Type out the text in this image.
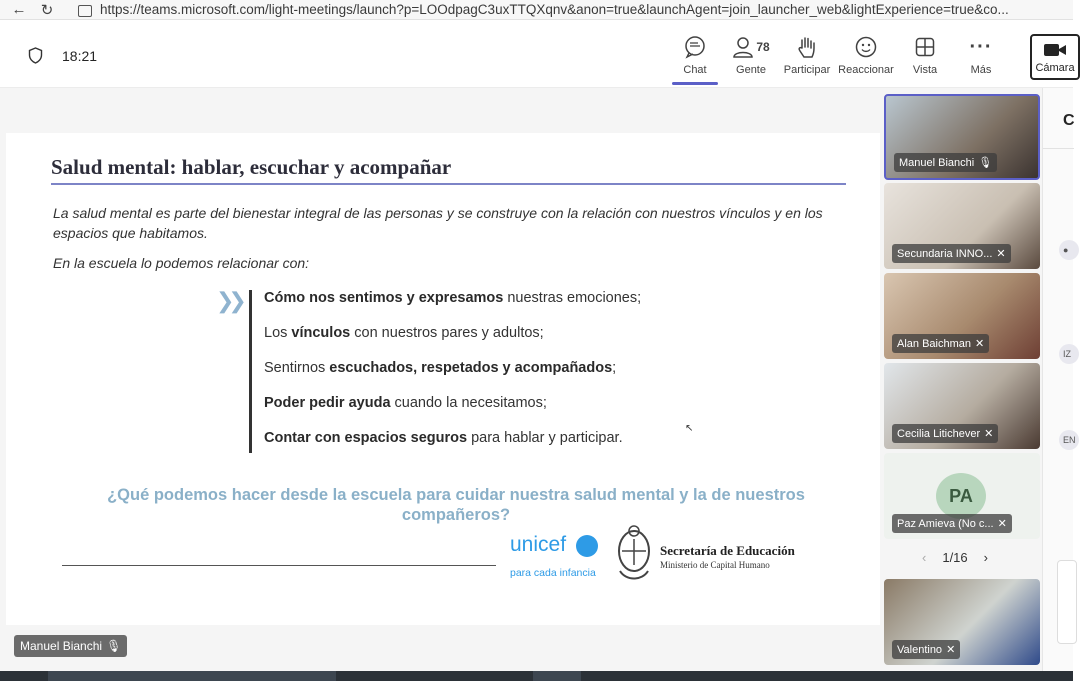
← ↻	https://teams.microsoft.com/light-meetings/launch?p=LOOdpagC3uxTTQXqnv&anon=true&launchAgent=join_launcher_web&lightExperience=true&co...
18:21
Chat
78
Gente Participar Reaccionar Vista
···
Más	Cámara
Salud mental: hablar, escuchar y acompañar
La salud mental es parte del bienestar integral de las personas y se construye con la relación con nuestros vínculos y en los espacios que habitamos.
En la escuela lo podemos relacionar con:
❯❯ Cómo nos sentimos y expresamos nuestras emociones;
Los vínculos con nuestros pares y adultos;
Sentirnos escuchados, respetados y acompañados;
Poder pedir ayuda cuando la necesitamos;
Contar con espacios seguros para hablar y participar.
¿Qué podemos hacer desde la escuela para cuidar nuestra salud mental y la de nuestros compañeros?
unicef
para cada infancia
Secretaría de Educación
Ministerio de Capital Humano
↖
Manuel Bianchi 🎙
Manuel Bianchi 🎙
Secundaria INNO... ✕
Alan Baichman ✕
Cecilia Litichever ✕
PA
Paz Amieva (No c... ✕
‹ 1/16 ›
Valentino ✕
C
●
IZ
EN
